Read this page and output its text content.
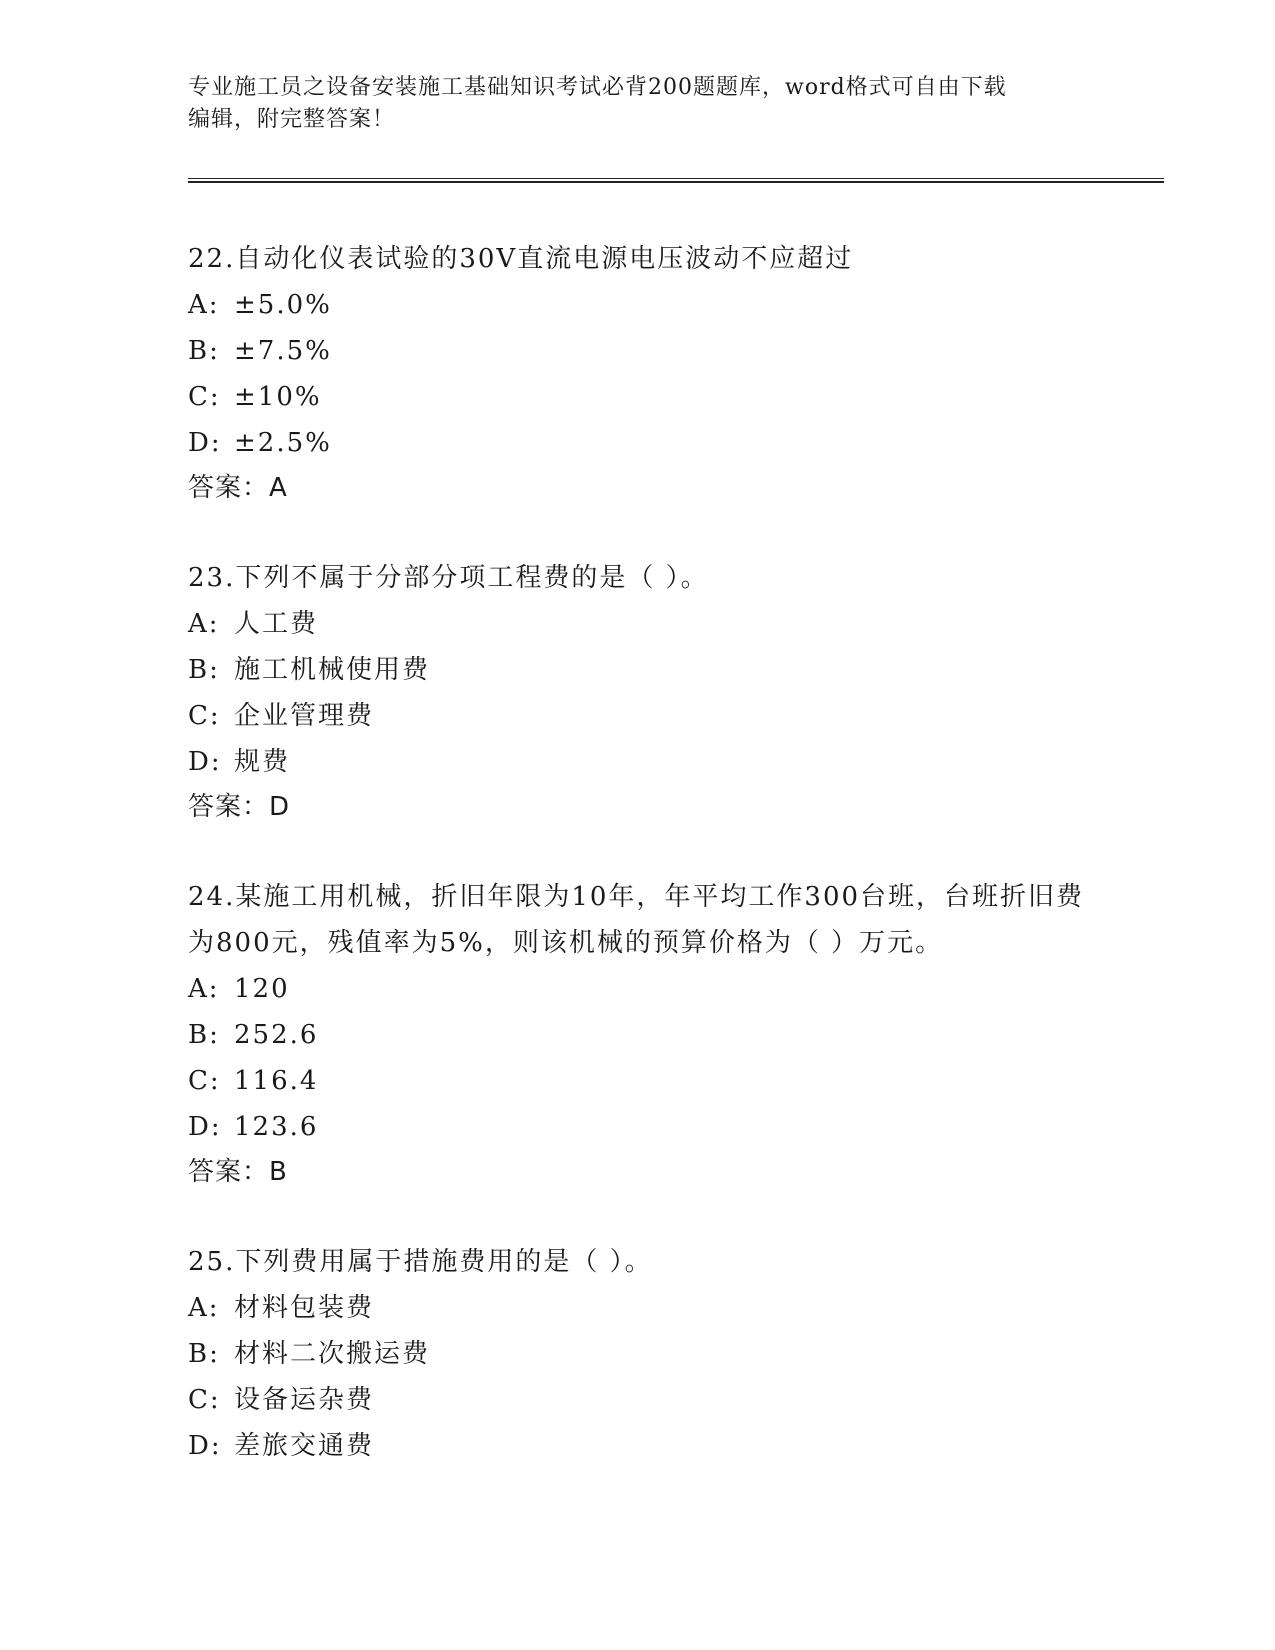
专业施工员之设备安装施工基础知识考试必背200题题库，word格式可自由下载
编辑，附完整答案！
22.自动化仪表试验的30V直流电源电压波动不应超过
A: ±5.0%
B: ±7.5%
C: ±10%
D: ±2.5%
答案：A
23.下列不属于分部分项工程费的是（ ）。
A: 人工费
B: 施工机械使用费
C: 企业管理费
D: 规费
答案：D
24.某施工用机械，折旧年限为10年，年平均工作300台班，台班折旧费为800元，残值率为5%，则该机械的预算价格为（ ）万元。
A: 120
B: 252.6
C: 116.4
D: 123.6
答案：B
25.下列费用属于措施费用的是（ ）。
A: 材料包装费
B: 材料二次搬运费
C: 设备运杂费
D: 差旅交通费
